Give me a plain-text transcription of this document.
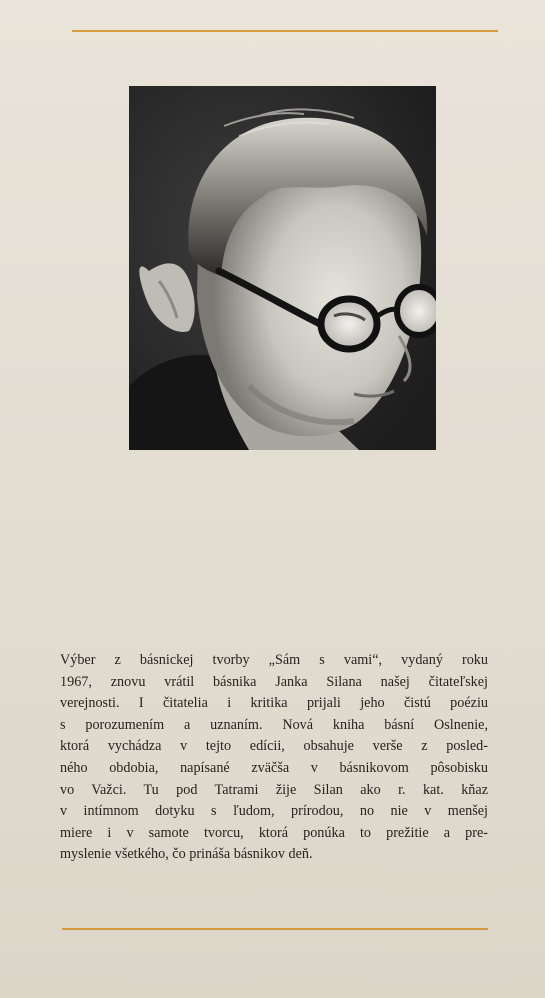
Výber z básnickej tvorby „Sám s vami“, vydaný roku
1967, znovu vrátil básnika Janka Silana našej čitateľskej
verejnosti. I čitatelia i kritika prijali jeho čistú poéziu
s porozumením a uznaním. Nová kniha básní Oslnenie,
ktorá vychádza v tejto edícii, obsahuje verše z posled-
ného obdobia, napísané zväčša v básnikovom pôsobisku
vo Važci. Tu pod Tatrami žije Silan ako r. kat. kňaz
v intímnom dotyku s ľudom, prírodou, no nie v menšej
miere i v samote tvorcu, ktorá ponúka to prežitie a pre-
myslenie všetkého, čo prináša básnikov deň.
